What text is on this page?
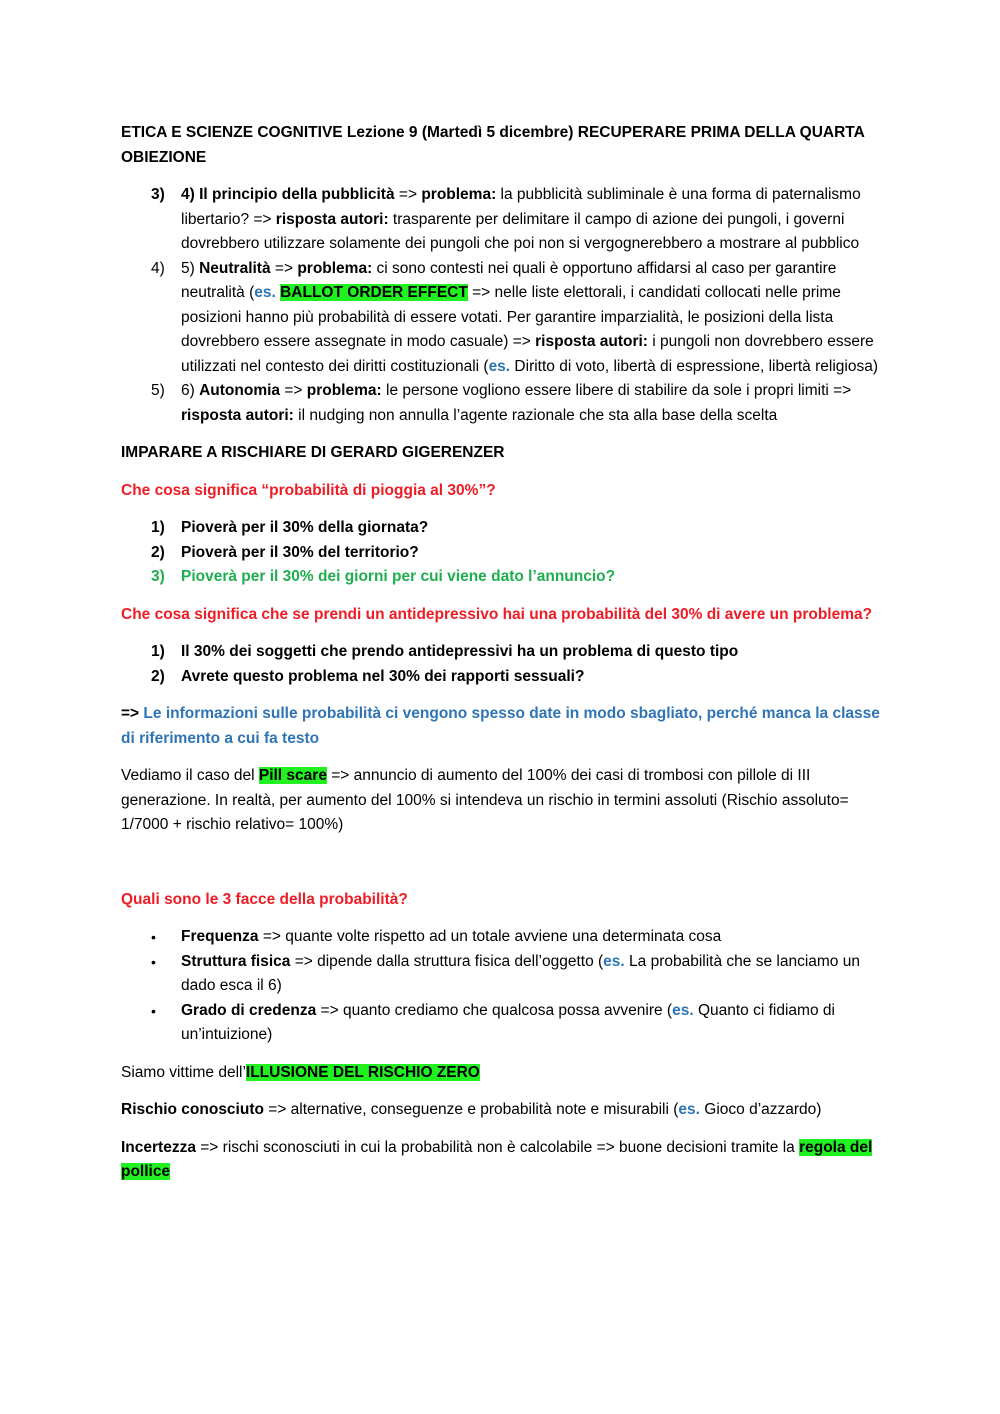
ETICA E SCIENZE COGNITIVE Lezione 9 (Martedì 5 dicembre) RECUPERARE PRIMA DELLA QUARTA OBIEZIONE

3) 4) Il principio della pubblicità => problema: la pubblicità subliminale è una forma di paternalismo libertario? => risposta autori: trasparente per delimitare il campo di azione dei pungoli, i governi dovrebbero utilizzare solamente dei pungoli che poi non si vergognerebbero a mostrare al pubblico
4) 5) Neutralità => problema: ci sono contesti nei quali è opportuno affidarsi al caso per garantire neutralità (es. BALLOT ORDER EFFECT => nelle liste elettorali, i candidati collocati nelle prime posizioni hanno più probabilità di essere votati. Per garantire imparzialità, le posizioni della lista dovrebbero essere assegnate in modo casuale) => risposta autori: i pungoli non dovrebbero essere utilizzati nel contesto dei diritti costituzionali (es. Diritto di voto, libertà di espressione, libertà religiosa)
5) 6) Autonomia => problema: le persone vogliono essere libere di stabilire da sole i propri limiti => risposta autori: il nudging non annulla l’agente razionale che sta alla base della scelta

IMPARARE A RISCHIARE DI GERARD GIGERENZER

Che cosa significa “probabilità di pioggia al 30%”?

1) Pioverà per il 30% della giornata?
2) Pioverà per il 30% del territorio?
3) Pioverà per il 30% dei giorni per cui viene dato l’annuncio?

Che cosa significa che se prendi un antidepressivo hai una probabilità del 30% di avere un problema?

1) Il 30% dei soggetti che prendo antidepressivi ha un problema di questo tipo
2) Avrete questo problema nel 30% dei rapporti sessuali?

=> Le informazioni sulle probabilità ci vengono spesso date in modo sbagliato, perché manca la classe di riferimento a cui fa testo

Vediamo il caso del Pill scare => annuncio di aumento del 100% dei casi di trombosi con pillole di III generazione. In realtà, per aumento del 100% si intendeva un rischio in termini assoluti (Rischio assoluto= 1/7000 + rischio relativo= 100%)

Quali sono le 3 facce della probabilità?

• Frequenza => quante volte rispetto ad un totale avviene una determinata cosa
• Struttura fisica => dipende dalla struttura fisica dell’oggetto (es. La probabilità che se lanciamo un dado esca il 6)
• Grado di credenza => quanto crediamo che qualcosa possa avvenire (es. Quanto ci fidiamo di un’intuizione)

Siamo vittime dell’ILLUSIONE DEL RISCHIO ZERO

Rischio conosciuto => alternative, conseguenze e probabilità note e misurabili (es. Gioco d’azzardo)

Incertezza => rischi sconosciuti in cui la probabilità non è calcolabile => buone decisioni tramite la regola del pollice
